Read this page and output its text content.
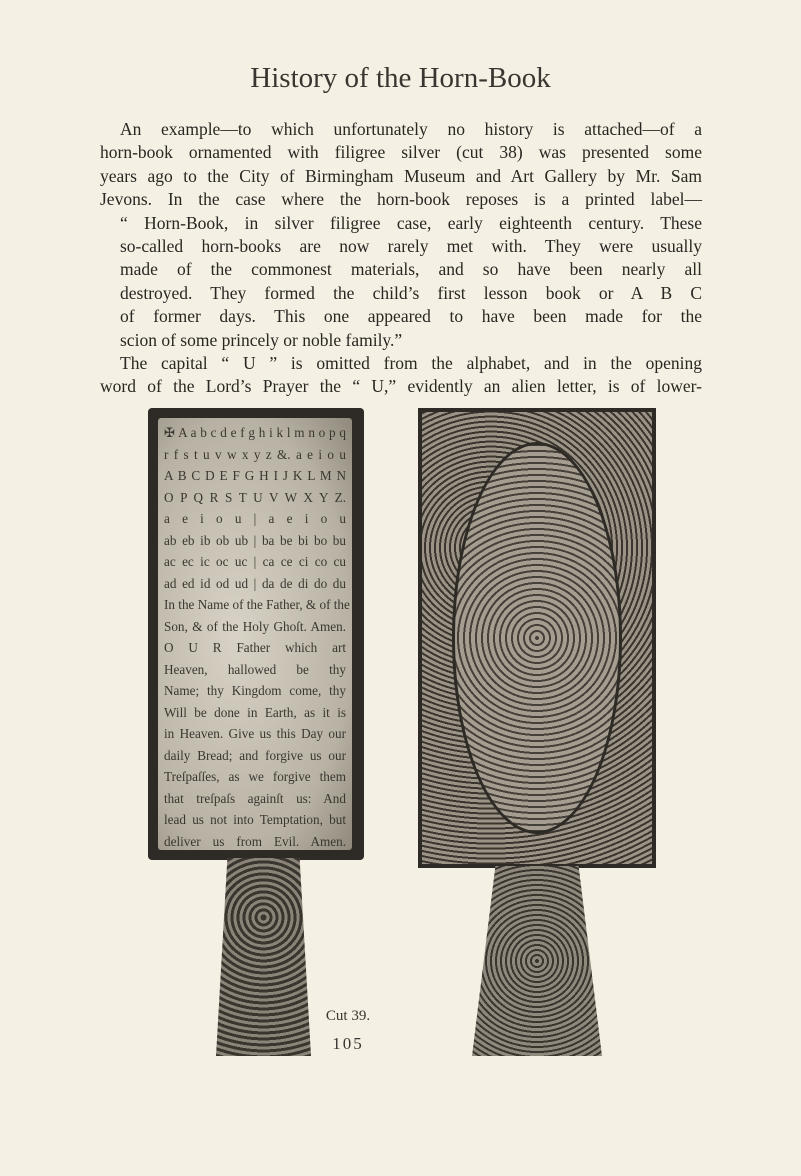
History of the Horn-Book
An example—to which unfortunately no history is attached—of a
horn-book ornamented with filigree silver (cut 38) was presented some
years ago to the City of Birmingham Museum and Art Gallery by Mr. Sam
Jevons. In the case where the horn-book reposes is a printed label—
“ Horn-Book, in silver filigree case, early eighteenth century. These
so-called horn-books are now rarely met with. They were usually
made of the commonest materials, and so have been nearly all
destroyed. They formed the child’s first lesson book or A B C
of former days. This one appeared to have been made for the
scion of some princely or noble family.”
The capital “ U ” is omitted from the alphabet, and in the opening
word of the Lord’s Prayer the “ U,” evidently an alien letter, is of lower-
✠ A a b c d e f g h i k l m n o p q
r f s t u v w x y z &. a e i o u
A B C D E F G H I J K L M N
O P Q R S T U V W X Y Z.
a e i o u | a e i o u
ab eb ib ob ub | ba be bi bo bu
ac ec ic oc uc | ca ce ci co cu
ad ed id od ud | da de di do du
In the Name of the Father, & of the
Son, & of the Holy Ghoſt. Amen.
O U R Father which art
Heaven, hallowed be thy
Name; thy Kingdom come, thy
Will be done in Earth, as it is
in Heaven. Give us this Day our
daily Bread; and forgive us our
Treſpaſſes, as we forgive them
that treſpaſs againſt us: And
lead us not into Temptation, but
deliver us from Evil. Amen.
Cut 39.
105
